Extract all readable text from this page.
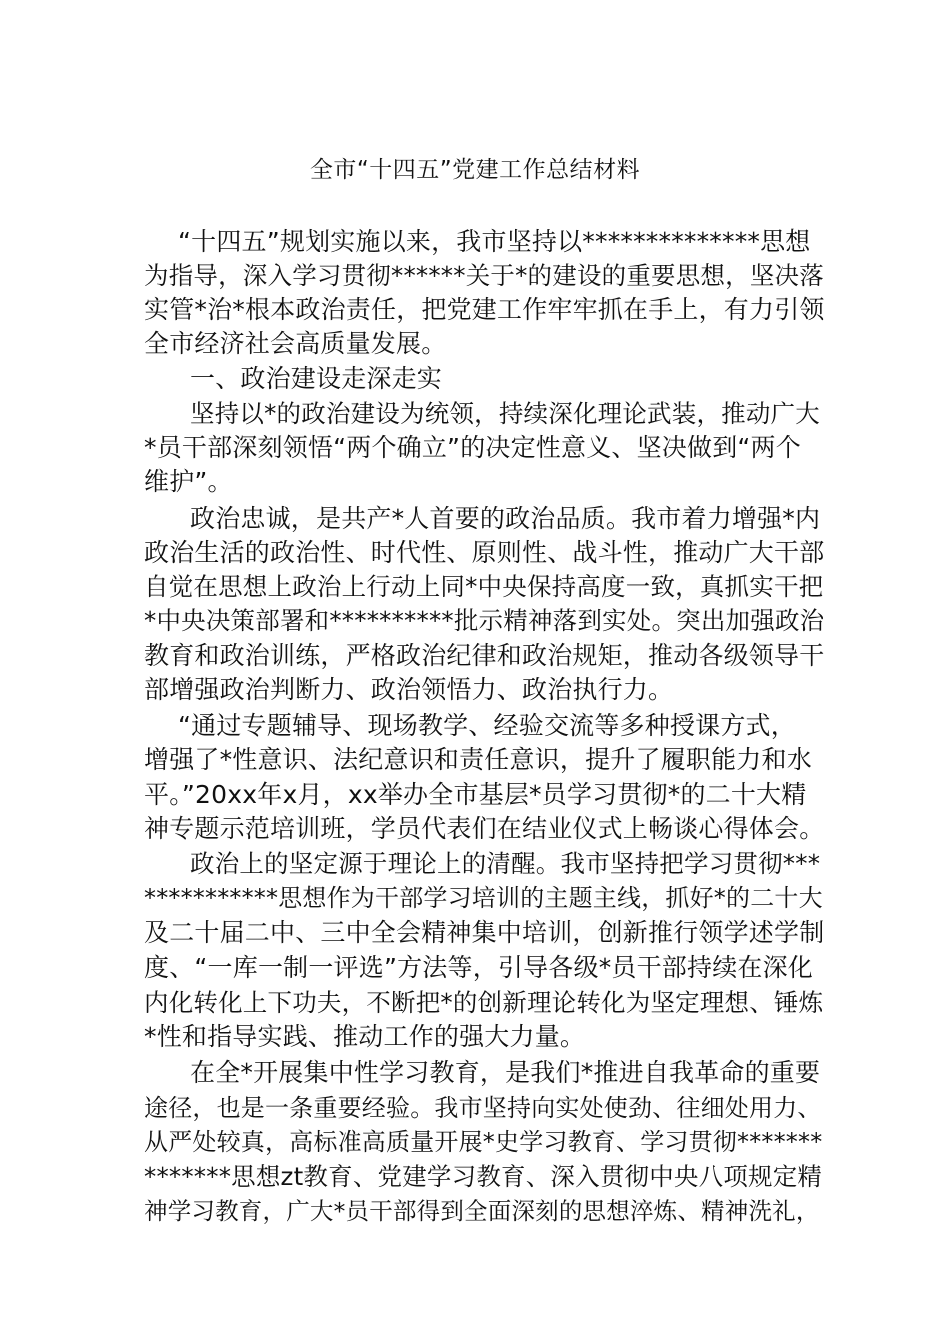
全市“十四五”党建工作总结材料
“十四五”规划实施以来，我市坚持以**************思想
为指导，深入学习贯彻******关于*的建设的重要思想，坚决落
实管*治*根本政治责任，把党建工作牢牢抓在手上，有力引领
全市经济社会高质量发展。
一、政治建设走深走实
坚持以*的政治建设为统领，持续深化理论武装，推动广大
*员干部深刻领悟“两个确立”的决定性意义、坚决做到“两个
维护”。
政治忠诚，是共产*人首要的政治品质。我市着力增强*内
政治生活的政治性、时代性、原则性、战斗性，推动广大干部
自觉在思想上政治上行动上同*中央保持高度一致，真抓实干把
*中央决策部署和**********批示精神落到实处。突出加强政治
教育和政治训练，严格政治纪律和政治规矩，推动各级领导干
部增强政治判断力、政治领悟力、政治执行力。
“通过专题辅导、现场教学、经验交流等多种授课方式，
增强了*性意识、法纪意识和责任意识，提升了履职能力和水
平。”20xx年x月，xx举办全市基层*员学习贯彻*的二十大精
神专题示范培训班，学员代表们在结业仪式上畅谈心得体会。
政治上的坚定源于理论上的清醒。我市坚持把学习贯彻***
***********思想作为干部学习培训的主题主线，抓好*的二十大
及二十届二中、三中全会精神集中培训，创新推行领学述学制
度、“一库一制一评选”方法等，引导各级*员干部持续在深化
内化转化上下功夫，不断把*的创新理论转化为坚定理想、锤炼
*性和指导实践、推动工作的强大力量。
在全*开展集中性学习教育，是我们*推进自我革命的重要
途径，也是一条重要经验。我市坚持向实处使劲、往细处用力、
从严处较真，高标准高质量开展*史学习教育、学习贯彻*******
*******思想zt教育、党建学习教育、深入贯彻中央八项规定精
神学习教育，广大*员干部得到全面深刻的思想淬炼、精神洗礼，
